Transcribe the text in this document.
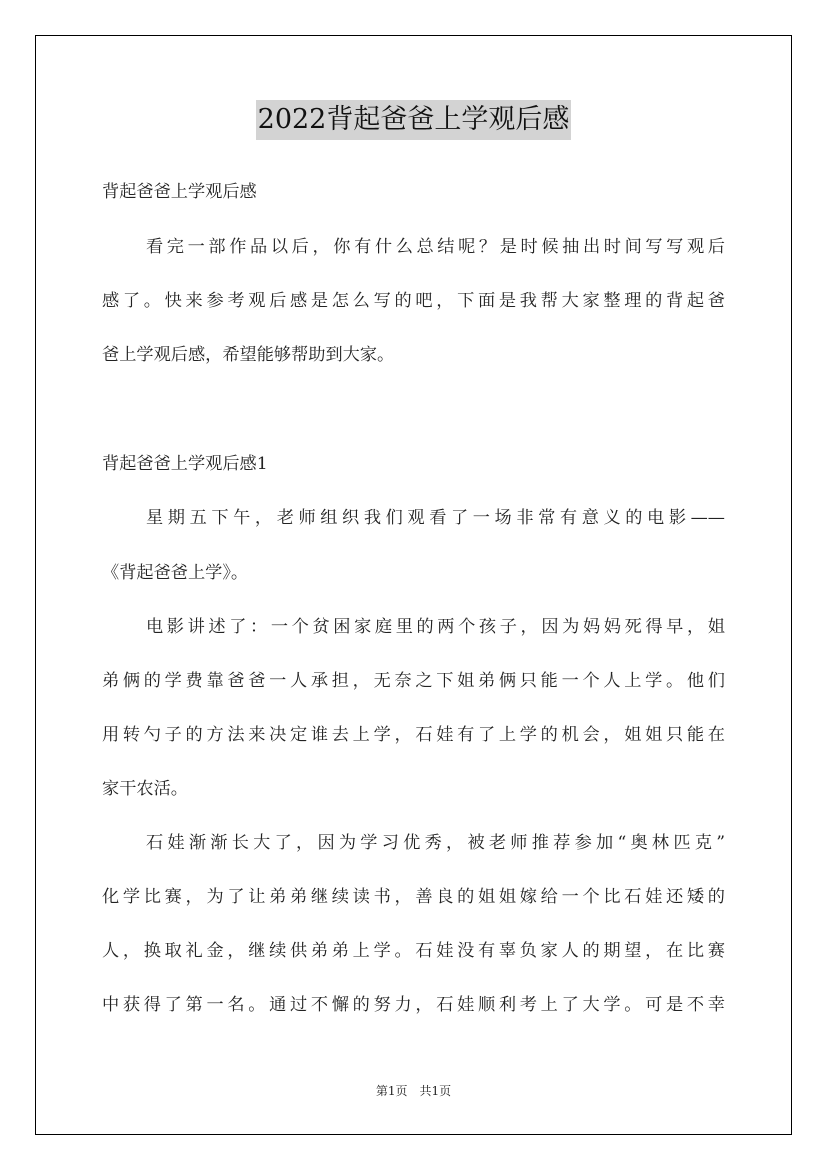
2022背起爸爸上学观后感
背起爸爸上学观后感
看完一部作品以后，你有什么总结呢？是时候抽出时间写写观后
感了。快来参考观后感是怎么写的吧，下面是我帮大家整理的背起爸
爸上学观后感，希望能够帮助到大家。
背起爸爸上学观后感1
星期五下午，老师组织我们观看了一场非常有意义的电影——
《背起爸爸上学》。
电影讲述了：一个贫困家庭里的两个孩子，因为妈妈死得早，姐
弟俩的学费靠爸爸一人承担，无奈之下姐弟俩只能一个人上学。他们
用转勺子的方法来决定谁去上学，石娃有了上学的机会，姐姐只能在
家干农活。
石娃渐渐长大了，因为学习优秀，被老师推荐参加“奥林匹克”
化学比赛，为了让弟弟继续读书，善良的姐姐嫁给一个比石娃还矮的
人，换取礼金，继续供弟弟上学。石娃没有辜负家人的期望，在比赛
中获得了第一名。通过不懈的努力，石娃顺利考上了大学。可是不幸
第1页　共1页
